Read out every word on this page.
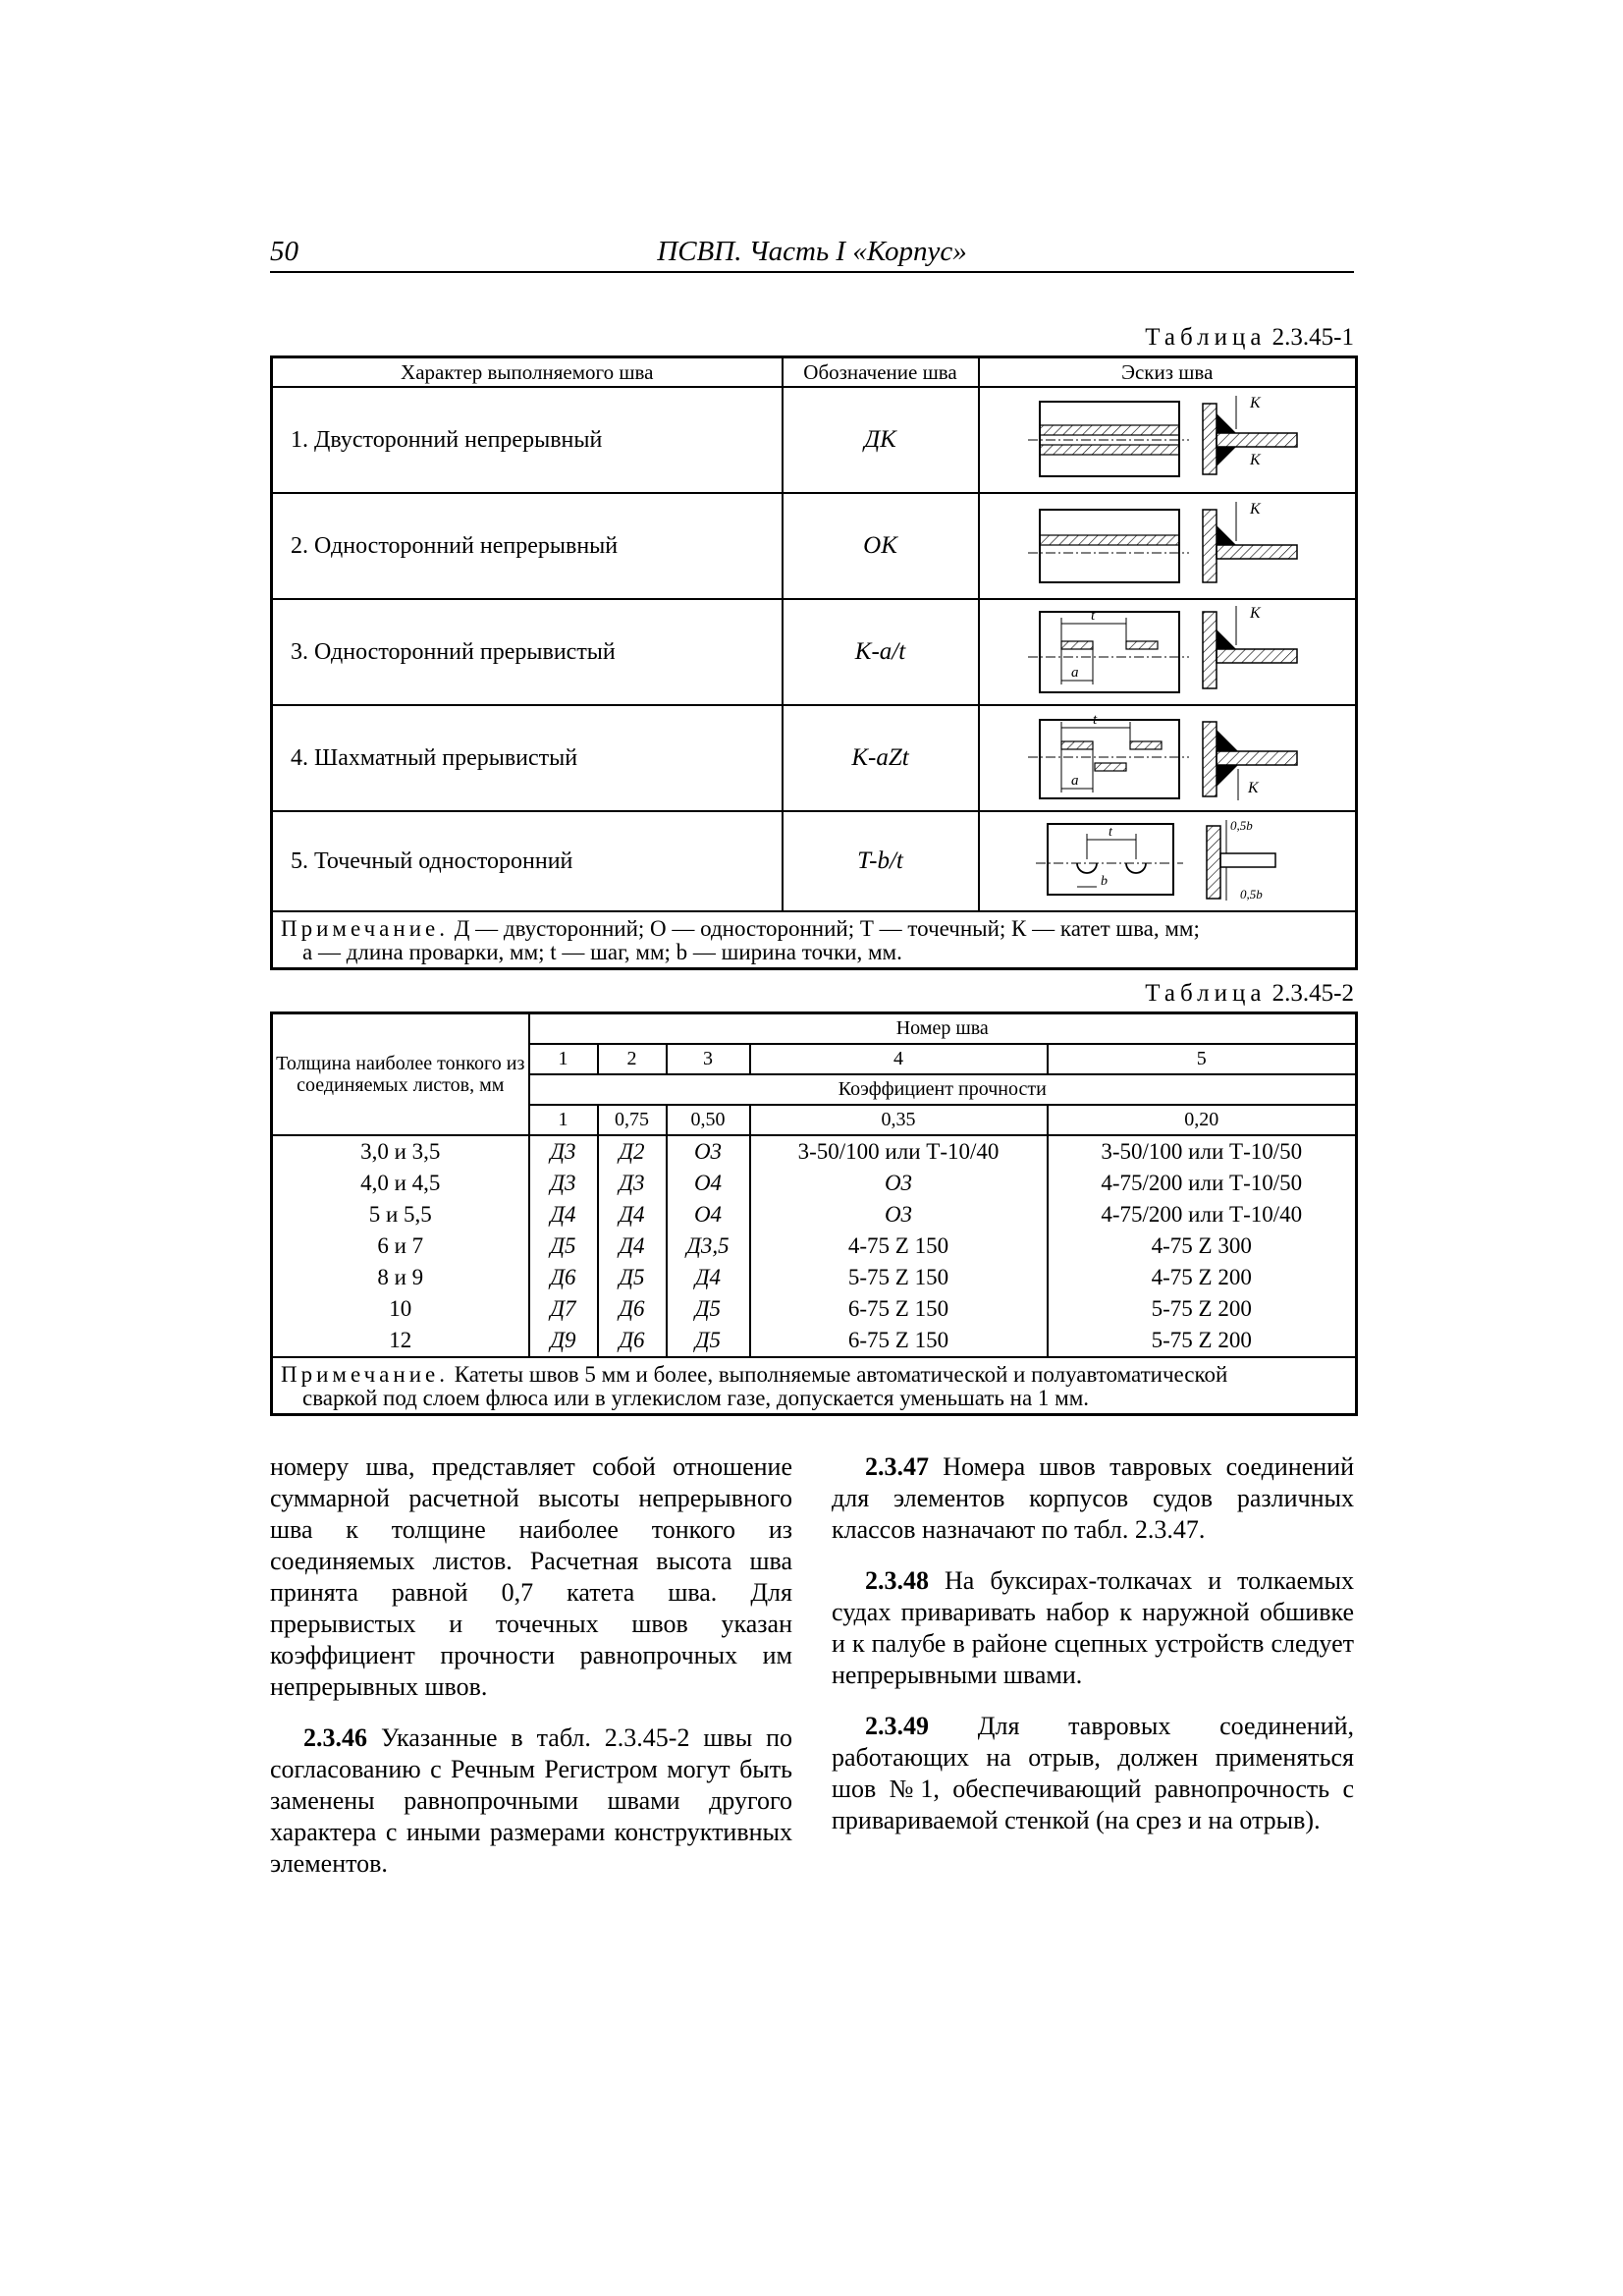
50	ПСВП. Часть I «Корпус»
Таблица 2.3.45-1
Характер выполняемого шва	Обозначение шва	Эскиз шва
1. Двусторонний непрерывный	ДК	K
K

2. Односторонний непрерывный	ОК	K

3. Односторонний прерывистый	K-a/t	t
a
K

4. Шахматный прерывистый	K-aZt	t
a K

5. Точечный односторонний	T-b/t	t
b
0,5b
0,5b

Примечание. Д — двусторонний; О — односторонний; Т — точечный; К — катет шва, мм;
a — длина проварки, мм; t — шаг, мм; b — ширина точки, мм.		
Таблица 2.3.45-2
Толщина наиболее тонкого из соединяемых листов, мм	Номер шва				
	1	2	3	4	5
	Коэффициент прочности				
	1	0,75	0,50	0,35	0,20
3,0 и 3,5	Д3	Д2	О3	3-50/100 или Т-10/40	3-50/100 или Т-10/50
4,0 и 4,5	Д3	Д3	О4	О3	4-75/200 или Т-10/50
5 и 5,5	Д4	Д4	О4	О3	4-75/200 или Т-10/40
6 и 7	Д5	Д4	Д3,5	4-75 Z 150	4-75 Z 300
8 и 9	Д6	Д5	Д4	5-75 Z 150	4-75 Z 200
10	Д7	Д6	Д5	6-75 Z 150	5-75 Z 200
12	Д9	Д6	Д5	6-75 Z 150	5-75 Z 200
Примечание. Катеты швов 5 мм и более, выполняемые автоматической и полуавтоматической
сваркой под слоем флюса или в углекислом газе, допускается уменьшать на 1 мм.					

номеру шва, представляет собой отношение суммарной расчетной высоты непрерывного шва к толщине наиболее тонкого из соединяемых листов. Расчетная высота шва принята равной 0,7 катета шва. Для прерывистых и точечных швов указан коэффициент прочности равнопрочных им непрерывных швов.

2.3.46 Указанные в табл. 2.3.45-2 швы по согласованию с Речным Регистром могут быть заменены равнопрочными швами другого характера с иными размерами конструктивных элементов.

2.3.47 Номера швов тавровых соединений для элементов корпусов судов различных классов назначают по табл. 2.3.47.

2.3.48 На буксирах-толкачах и толкаемых судах приваривать набор к наружной обшивке и к палубе в районе сцепных устройств следует непрерывными швами.

2.3.49 Для тавровых соединений, работающих на отрыв, должен применяться шов №1, обеспечивающий равнопрочность с привариваемой стенкой (на срез и на отрыв).
